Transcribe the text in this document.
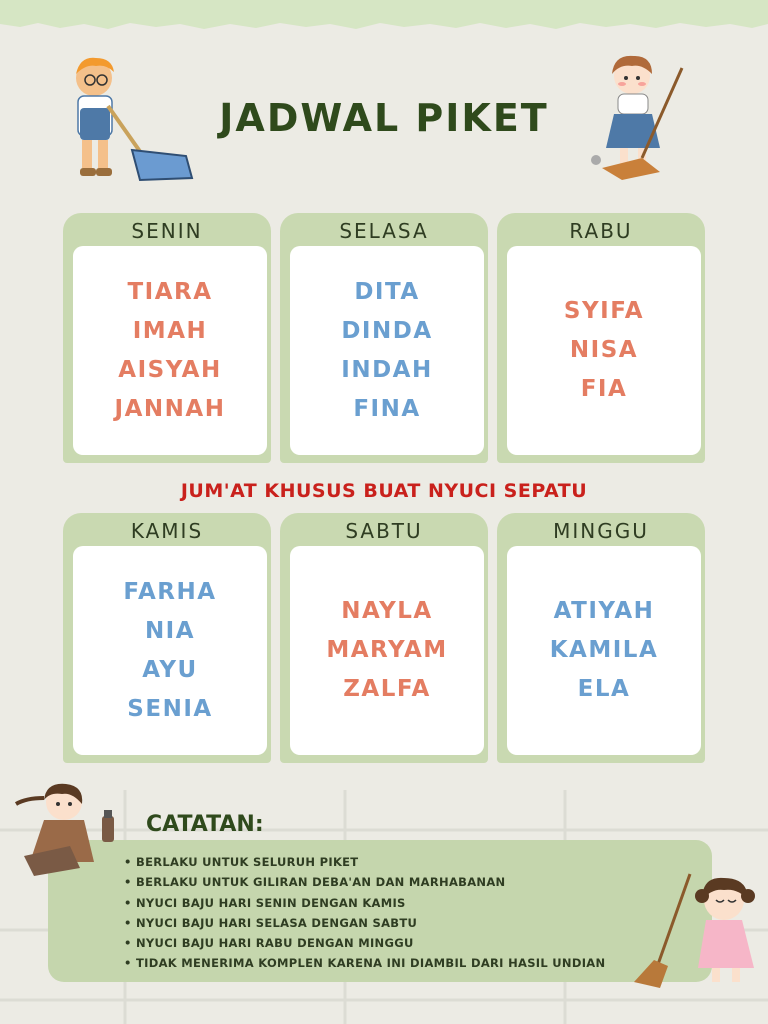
JADWAL PIKET
SENIN
TIARA
IMAH
AISYAH
JANNAH
SELASA
DITA
DINDA
INDAH
FINA
RABU
SYIFA
NISA
FIA
JUM'AT KHUSUS BUAT NYUCI SEPATU
KAMIS
FARHA
NIA
AYU
SENIA
SABTU
NAYLA
MARYAM
ZALFA
MINGGU
ATIYAH
KAMILA
ELA
• BERLAKU UNTUK SELURUH PIKET
• BERLAKU UNTUK GILIRAN DEBA'AN DAN MARHABANAN
• NYUCI BAJU HARI SENIN DENGAN KAMIS
• NYUCI BAJU HARI SELASA DENGAN SABTU
• NYUCI BAJU HARI RABU DENGAN MINGGU
• TIDAK MENERIMA KOMPLEN KARENA INI DIAMBIL DARI HASIL UNDIAN
CATATAN:
